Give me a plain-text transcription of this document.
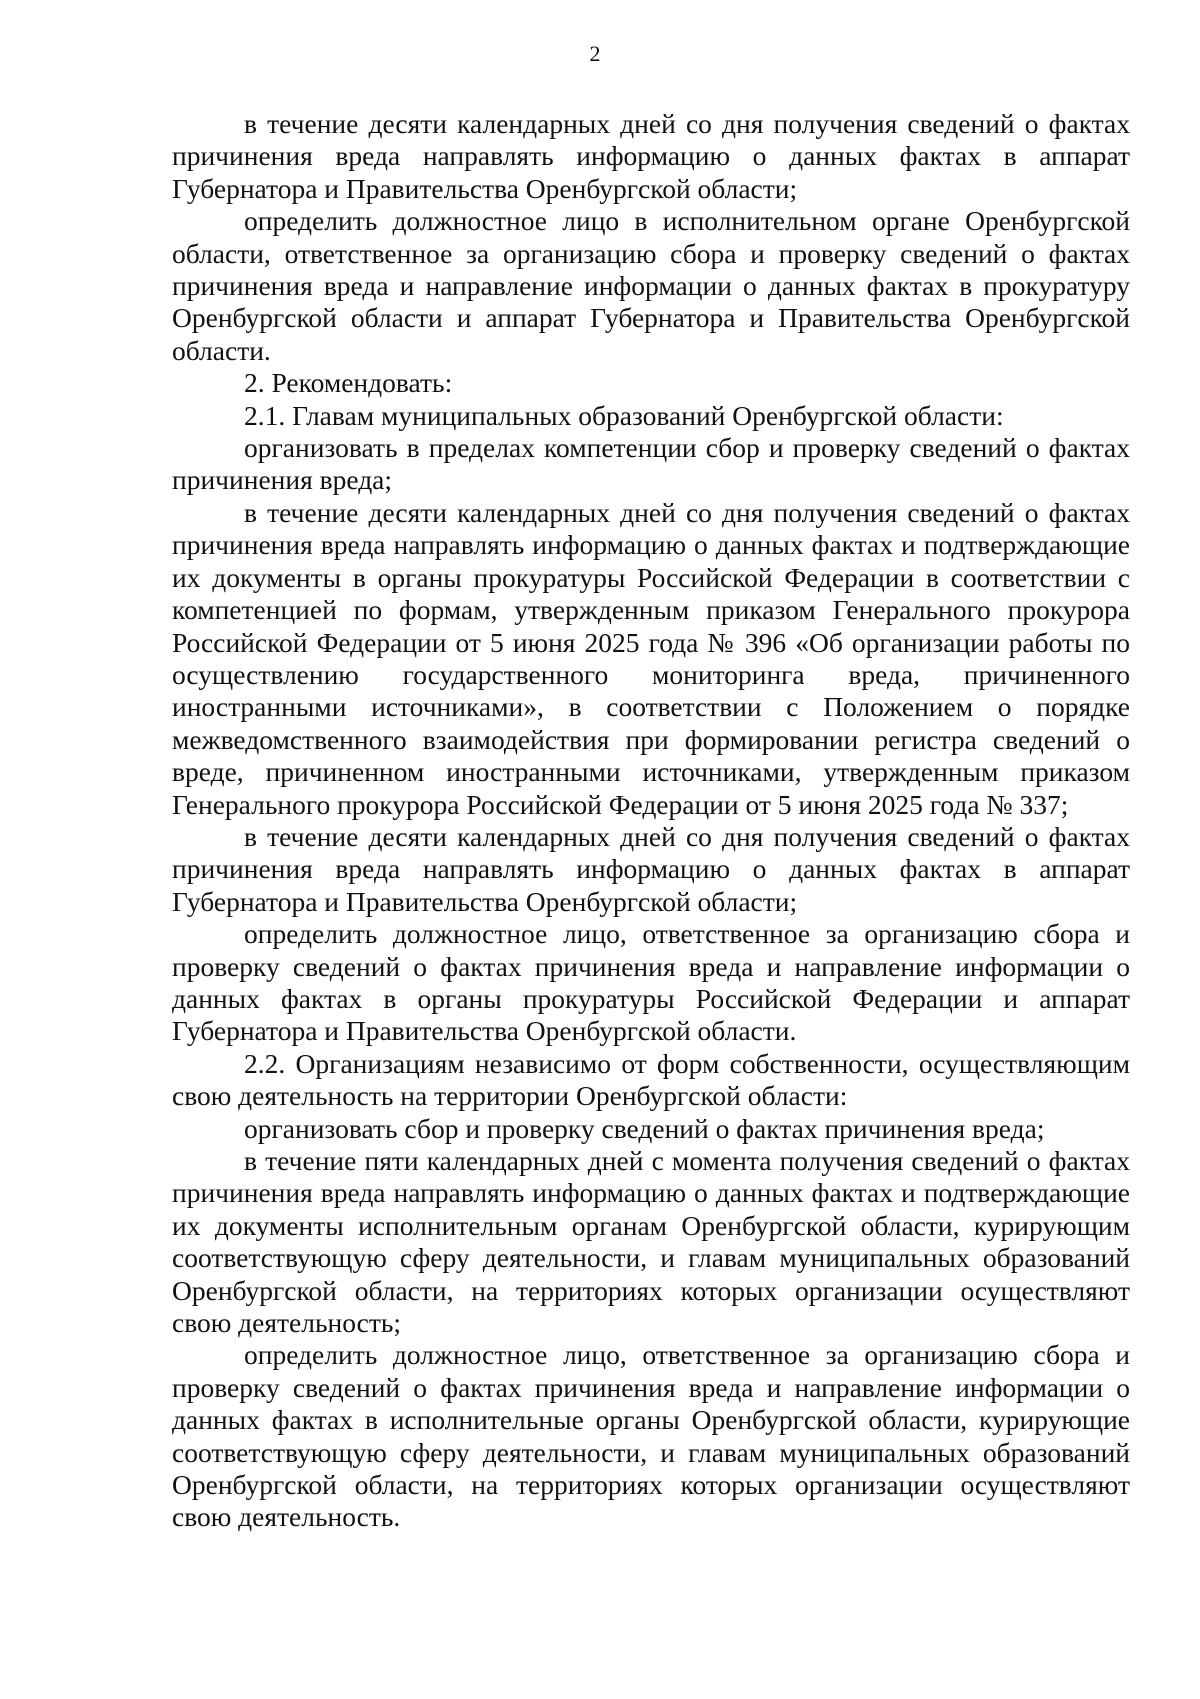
2

в течение десяти календарных дней со дня получения сведений о фактах причинения вреда направлять информацию о данных фактах в аппарат Губернатора и Правительства Оренбургской области;

определить должностное лицо в исполнительном органе Оренбургской области, ответственное за организацию сбора и проверку сведений о фактах причинения вреда и направление информации о данных фактах в прокуратуру Оренбургской области и аппарат Губернатора и Правительства Оренбургской области.

2. Рекомендовать:

2.1. Главам муниципальных образований Оренбургской области:

организовать в пределах компетенции сбор и проверку сведений о фактах причинения вреда;

в течение десяти календарных дней со дня получения сведений о фактах причинения вреда направлять информацию о данных фактах и подтверждающие их документы в органы прокуратуры Российской Федерации в соответствии с компетенцией по формам, утвержденным приказом Генерального прокурора Российской Федерации от 5 июня 2025 года № 396 «Об организации работы по осуществлению государственного мониторинга вреда, причиненного иностранными источниками», в соответствии с Положением о порядке межведомственного взаимодействия при формировании регистра сведений о вреде, причиненном иностранными источниками, утвержденным приказом Генерального прокурора Российской Федерации от 5 июня 2025 года № 337;

в течение десяти календарных дней со дня получения сведений о фактах причинения вреда направлять информацию о данных фактах в аппарат Губернатора и Правительства Оренбургской области;

определить должностное лицо, ответственное за организацию сбора и проверку сведений о фактах причинения вреда и направление информации о данных фактах в органы прокуратуры Российской Федерации и аппарат Губернатора и Правительства Оренбургской области.

2.2. Организациям независимо от форм собственности, осуществляющим свою деятельность на территории Оренбургской области:

организовать сбор и проверку сведений о фактах причинения вреда;

в течение пяти календарных дней с момента получения сведений о фактах причинения вреда направлять информацию о данных фактах и подтверждающие их документы исполнительным органам Оренбургской области, курирующим соответствующую сферу деятельности, и главам муниципальных образований Оренбургской области, на территориях которых организации осуществляют свою деятельность;

определить должностное лицо, ответственное за организацию сбора и проверку сведений о фактах причинения вреда и направление информации о данных фактах в исполнительные органы Оренбургской области, курирующие соответствующую сферу деятельности, и главам муниципальных образований Оренбургской области, на территориях которых организации осуществляют свою деятельность.
